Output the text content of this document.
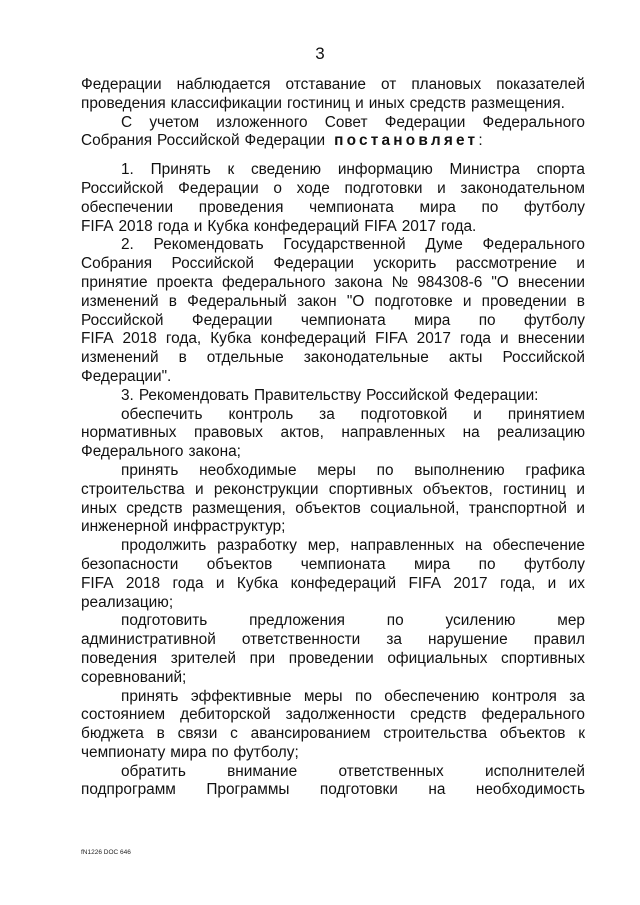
3
Федерации наблюдается отставание от плановых показателей
проведения классификации гостиниц и иных средств размещения.
С учетом изложенного Совет Федерации Федерального
Собрания Российской Федерации постановляет:
1. Принять к сведению информацию Министра спорта
Российской Федерации о ходе подготовки и законодательном
обеспечении проведения чемпионата мира по футболу
FIFA 2018 года и Кубка конфедераций FIFA 2017 года.
2. Рекомендовать Государственной Думе Федерального
Собрания Российской Федерации ускорить рассмотрение и
принятие проекта федерального закона № 984308-6 "О внесении
изменений в Федеральный закон "О подготовке и проведении в
Российской Федерации чемпионата мира по футболу
FIFA 2018 года, Кубка конфедераций FIFA 2017 года и внесении
изменений в отдельные законодательные акты Российской
Федерации".
3. Рекомендовать Правительству Российской Федерации:
обеспечить контроль за подготовкой и принятием
нормативных правовых актов, направленных на реализацию
Федерального закона;
принять необходимые меры по выполнению графика
строительства и реконструкции спортивных объектов, гостиниц и
иных средств размещения, объектов социальной, транспортной и
инженерной инфраструктур;
продолжить разработку мер, направленных на обеспечение
безопасности объектов чемпионата мира по футболу
FIFA 2018 года и Кубка конфедераций FIFA 2017 года, и их
реализацию;
подготовить	предложения	по	усилению	мер
административной ответственности за нарушение правил
поведения зрителей при проведении официальных спортивных
соревнований;
принять эффективные меры по обеспечению контроля за
состоянием дебиторской задолженности средств федерального
бюджета в связи с авансированием строительства объектов к
чемпионату мира по футболу;
обратить	внимание	ответственных	исполнителей
подпрограмм Программы подготовки на необходимость
fN1226 DOC 646
